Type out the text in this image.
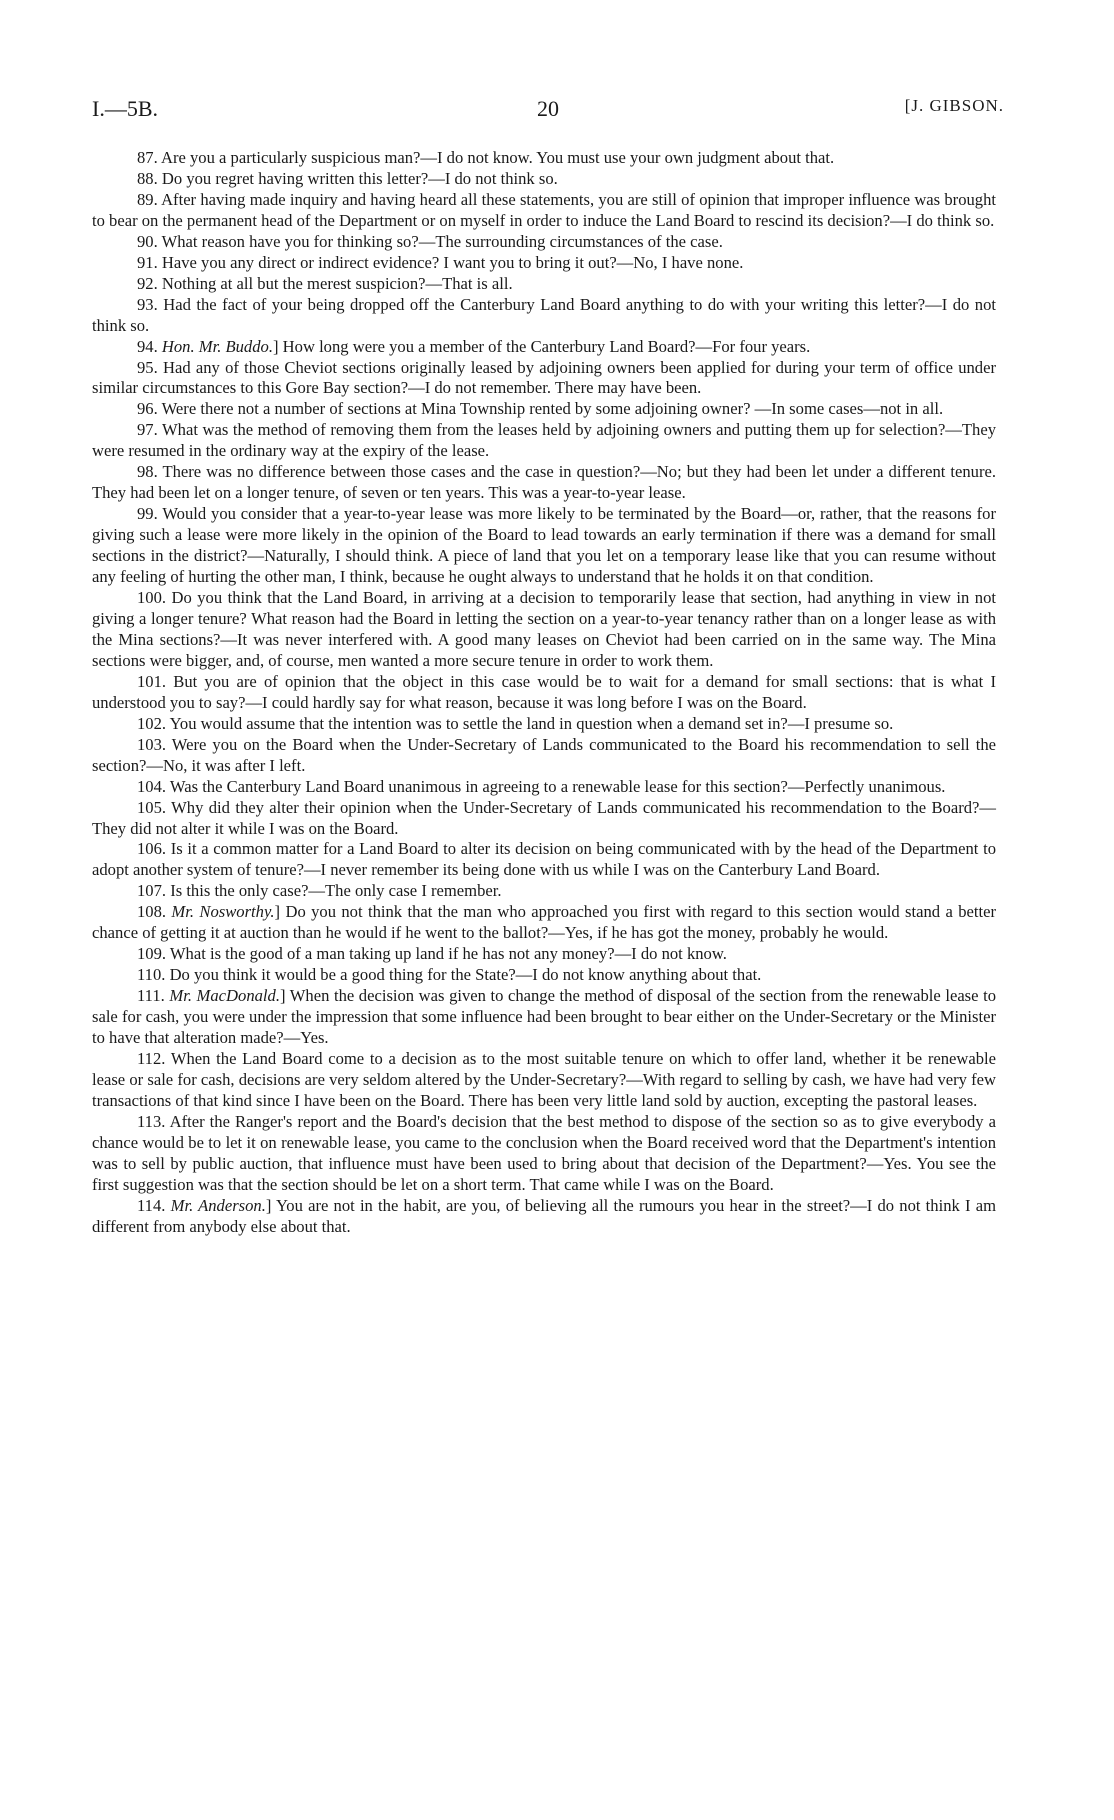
I.—5B.	20	[J. GIBSON.

87. Are you a particularly suspicious man?—I do not know. You must use your own judgment about that.

88. Do you regret having written this letter?—I do not think so.

89. After having made inquiry and having heard all these statements, you are still of opinion that improper influence was brought to bear on the permanent head of the Department or on myself in order to induce the Land Board to rescind its decision?—I do think so.

90. What reason have you for thinking so?—The surrounding circumstances of the case.

91. Have you any direct or indirect evidence? I want you to bring it out?—No, I have none.

92. Nothing at all but the merest suspicion?—That is all.

93. Had the fact of your being dropped off the Canterbury Land Board anything to do with your writing this letter?—I do not think so.

94. Hon. Mr. Buddo.] How long were you a member of the Canterbury Land Board?—For four years.

95. Had any of those Cheviot sections originally leased by adjoining owners been applied for during your term of office under similar circumstances to this Gore Bay section?—I do not remember. There may have been.

96. Were there not a number of sections at Mina Township rented by some adjoining owner? —In some cases—not in all.

97. What was the method of removing them from the leases held by adjoining owners and putting them up for selection?—They were resumed in the ordinary way at the expiry of the lease.

98. There was no difference between those cases and the case in question?—No; but they had been let under a different tenure. They had been let on a longer tenure, of seven or ten years. This was a year-to-year lease.

99. Would you consider that a year-to-year lease was more likely to be terminated by the Board—or, rather, that the reasons for giving such a lease were more likely in the opinion of the Board to lead towards an early termination if there was a demand for small sections in the district?—Naturally, I should think. A piece of land that you let on a temporary lease like that you can resume without any feeling of hurting the other man, I think, because he ought always to understand that he holds it on that condition.

100. Do you think that the Land Board, in arriving at a decision to temporarily lease that section, had anything in view in not giving a longer tenure? What reason had the Board in letting the section on a year-to-year tenancy rather than on a longer lease as with the Mina sections?—It was never interfered with. A good many leases on Cheviot had been carried on in the same way. The Mina sections were bigger, and, of course, men wanted a more secure tenure in order to work them.

101. But you are of opinion that the object in this case would be to wait for a demand for small sections: that is what I understood you to say?—I could hardly say for what reason, because it was long before I was on the Board.

102. You would assume that the intention was to settle the land in question when a demand set in?—I presume so.

103. Were you on the Board when the Under-Secretary of Lands communicated to the Board his recommendation to sell the section?—No, it was after I left.

104. Was the Canterbury Land Board unanimous in agreeing to a renewable lease for this section?—Perfectly unanimous.

105. Why did they alter their opinion when the Under-Secretary of Lands communicated his recommendation to the Board?—They did not alter it while I was on the Board.

106. Is it a common matter for a Land Board to alter its decision on being communicated with by the head of the Department to adopt another system of tenure?—I never remember its being done with us while I was on the Canterbury Land Board.

107. Is this the only case?—The only case I remember.

108. Mr. Nosworthy.] Do you not think that the man who approached you first with regard to this section would stand a better chance of getting it at auction than he would if he went to the ballot?—Yes, if he has got the money, probably he would.

109. What is the good of a man taking up land if he has not any money?—I do not know.

110. Do you think it would be a good thing for the State?—I do not know anything about that.

111. Mr. MacDonald.] When the decision was given to change the method of disposal of the section from the renewable lease to sale for cash, you were under the impression that some influence had been brought to bear either on the Under-Secretary or the Minister to have that alteration made?—Yes.

112. When the Land Board come to a decision as to the most suitable tenure on which to offer land, whether it be renewable lease or sale for cash, decisions are very seldom altered by the Under-Secretary?—With regard to selling by cash, we have had very few transactions of that kind since I have been on the Board. There has been very little land sold by auction, excepting the pastoral leases.

113. After the Ranger's report and the Board's decision that the best method to dispose of the section so as to give everybody a chance would be to let it on renewable lease, you came to the conclusion when the Board received word that the Department's intention was to sell by public auction, that influence must have been used to bring about that decision of the Department?—Yes. You see the first suggestion was that the section should be let on a short term. That came while I was on the Board.

114. Mr. Anderson.] You are not in the habit, are you, of believing all the rumours you hear in the street?—I do not think I am different from anybody else about that.
